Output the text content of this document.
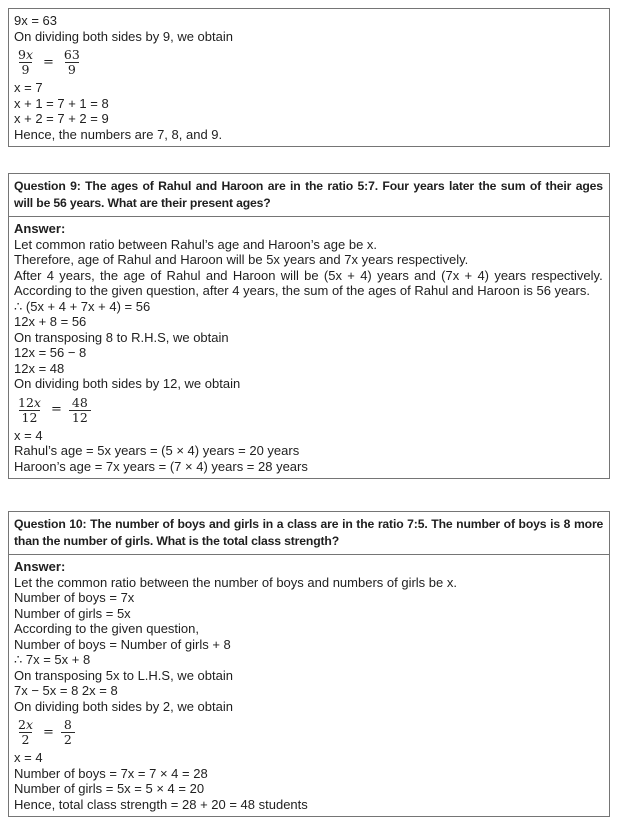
9x = 63
On dividing both sides by 9, we obtain
$\frac{9x}{9} = \frac{63}{9}$
x = 7
x + 1 = 7 + 1 = 8
x + 2 = 7 + 2 = 9
Hence, the numbers are 7, 8, and 9.
Question 9: The ages of Rahul and Haroon are in the ratio 5:7. Four years later the sum of their ages
will be 56 years. What are their present ages?
Answer:
Let common ratio between Rahul’s age and Haroon’s age be x.
Therefore, age of Rahul and Haroon will be 5x years and 7x years respectively.
After 4 years, the age of Rahul and Haroon will be (5x + 4) years and (7x + 4) years respectively.
According to the given question, after 4 years, the sum of the ages of Rahul and Haroon is 56 years.
∴ (5x + 4 + 7x + 4) = 56
12x + 8 = 56
On transposing 8 to R.H.S, we obtain
12x = 56 − 8
12x = 48
On dividing both sides by 12, we obtain
$\frac{12x}{12} = \frac{48}{12}$
x = 4
Rahul’s age = 5x years = (5 × 4) years = 20 years
Haroon’s age = 7x years = (7 × 4) years = 28 years
Question 10: The number of boys and girls in a class are in the ratio 7:5. The number of boys is 8 more
than the number of girls. What is the total class strength?
Answer:
Let the common ratio between the number of boys and numbers of girls be x.
Number of boys = 7x
Number of girls = 5x
According to the given question,
Number of boys = Number of girls + 8
∴ 7x = 5x + 8
On transposing 5x to L.H.S, we obtain
7x − 5x = 8 2x = 8
On dividing both sides by 2, we obtain
$\frac{2x}{2} = \frac{8}{2}$
x = 4
Number of boys = 7x = 7 × 4 = 28
Number of girls = 5x = 5 × 4 = 20
Hence, total class strength = 28 + 20 = 48 students
